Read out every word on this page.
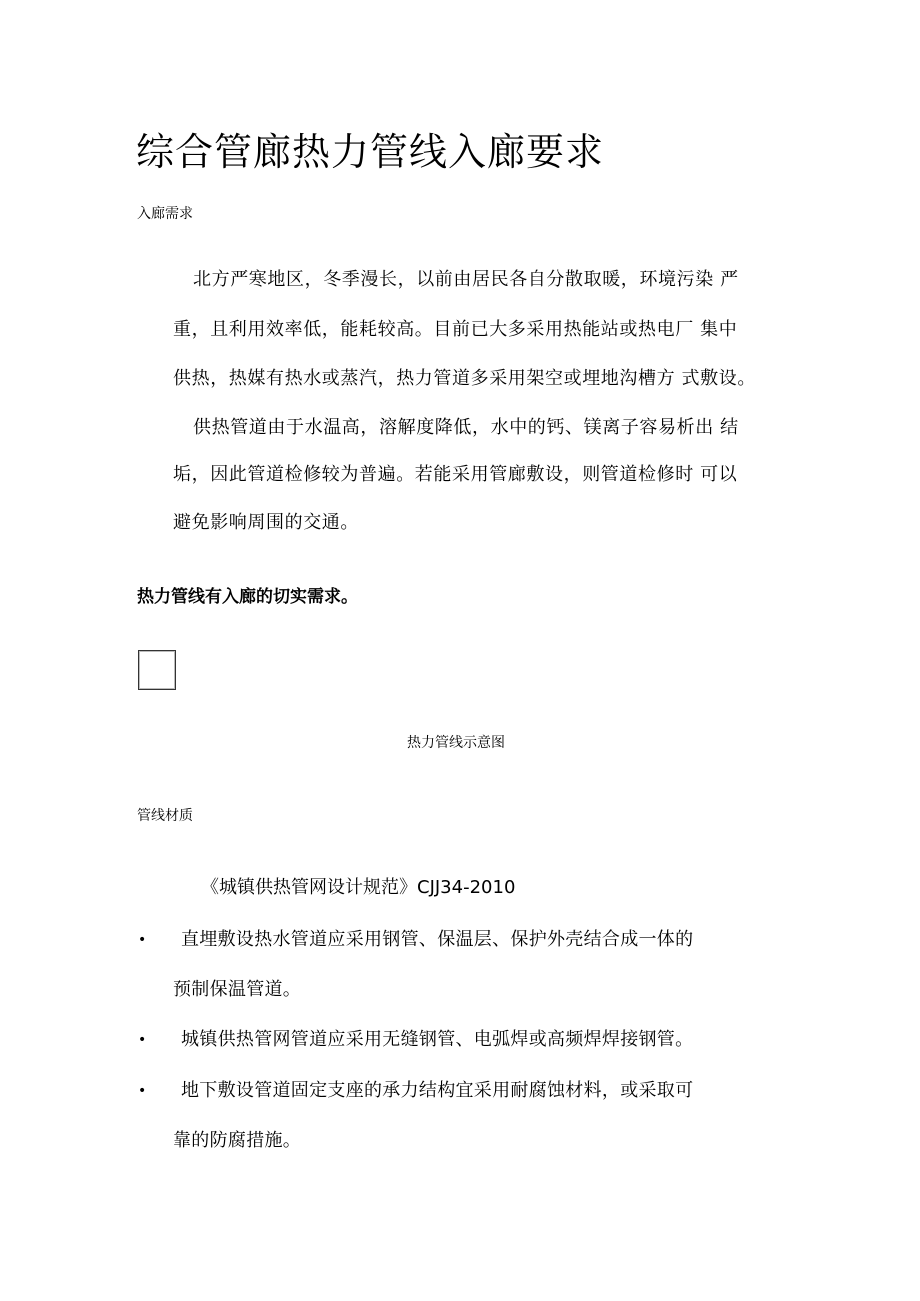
综合管廊热力管线入廊要求
入廊需求
北方严寒地区，冬季漫长，以前由居民各自分散取暖，环境污染 严
重，且利用效率低，能耗较高。目前已大多采用热能站或热电厂 集中
供热，热媒有热水或蒸汽，热力管道多采用架空或埋地沟槽方 式敷设。
供热管道由于水温高，溶解度降低，水中的钙、镁离子容易析出 结
垢，因此管道检修较为普遍。若能采用管廊敷设，则管道检修时 可以
避免影响周围的交通。
热力管线有入廊的切实需求。
热力管线示意图
管线材质
《城镇供热管网设计规范》CJJ34-2010
• 直埋敷设热水管道应采用钢管、保温层、保护外壳结合成一体的
预制保温管道。
• 城镇供热管网管道应采用无缝钢管、电弧焊或高频焊焊接钢管。
• 地下敷设管道固定支座的承力结构宜采用耐腐蚀材料，或采取可
靠的防腐措施。
